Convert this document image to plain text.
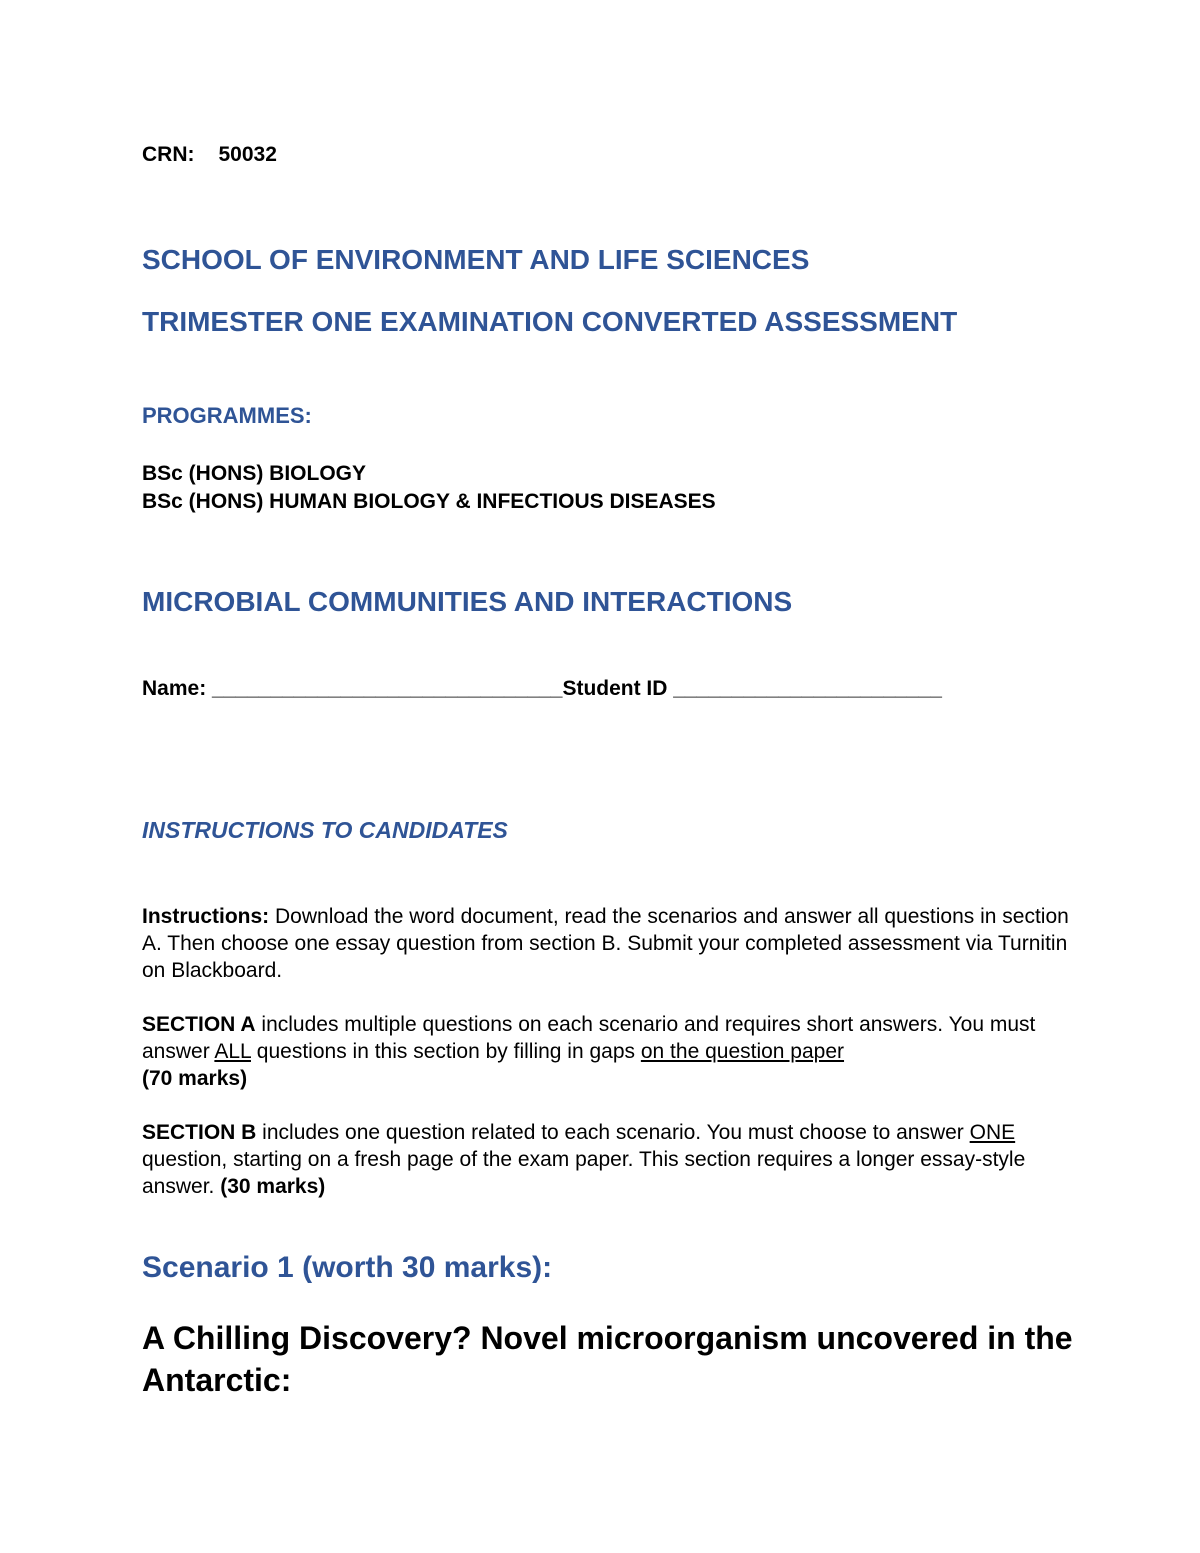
CRN: 50032

SCHOOL OF ENVIRONMENT AND LIFE SCIENCES

TRIMESTER ONE EXAMINATION CONVERTED ASSESSMENT

PROGRAMMES:

BSc (HONS) BIOLOGY
BSc (HONS) HUMAN BIOLOGY & INFECTIOUS DISEASES

MICROBIAL COMMUNITIES AND INTERACTIONS

Name: ______________________________Student ID _______________________

INSTRUCTIONS TO CANDIDATES

Instructions: Download the word document, read the scenarios and answer all questions in section A. Then choose one essay question from section B. Submit your completed assessment via Turnitin on Blackboard.

SECTION A includes multiple questions on each scenario and requires short answers. You must answer ALL questions in this section by filling in gaps on the question paper
(70 marks)

SECTION B includes one question related to each scenario. You must choose to answer ONE question, starting on a fresh page of the exam paper. This section requires a longer essay-style answer. (30 marks)

Scenario 1 (worth 30 marks):

A Chilling Discovery? Novel microorganism uncovered in the Antarctic:
